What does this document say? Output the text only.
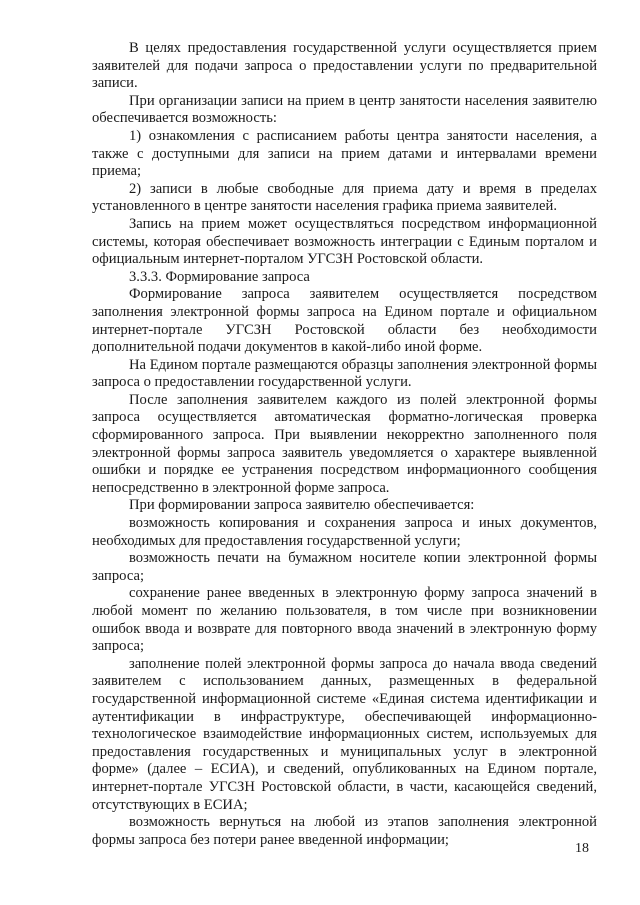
В целях предоставления государственной услуги осуществляется прием заявителей для подачи запроса о предоставлении услуги по предварительной записи.

При организации записи на прием в центр занятости населения заявителю обеспечивается возможность:

1) ознакомления с расписанием работы центра занятости населения, а также с доступными для записи на прием датами и интервалами времени приема;

2) записи в любые свободные для приема дату и время в пределах установленного в центре занятости населения графика приема заявителей.

Запись на прием может осуществляться посредством информационной системы, которая обеспечивает возможность интеграции с Единым порталом и официальным интернет-порталом УГСЗН Ростовской области.

3.3.3. Формирование запроса

Формирование запроса заявителем осуществляется посредством заполнения электронной формы запроса на Едином портале и официальном интернет-портале УГСЗН Ростовской области без необходимости дополнительной подачи документов в какой-либо иной форме.

На Едином портале размещаются образцы заполнения электронной формы запроса о предоставлении государственной услуги.

После заполнения заявителем каждого из полей электронной формы запроса осуществляется автоматическая форматно-логическая проверка сформированного запроса. При выявлении некорректно заполненного поля электронной формы запроса заявитель уведомляется о характере выявленной ошибки и порядке ее устранения посредством информационного сообщения непосредственно в электронной форме запроса.

При формировании запроса заявителю обеспечивается:

возможность копирования и сохранения запроса и иных документов, необходимых для предоставления государственной услуги;

возможность печати на бумажном носителе копии электронной формы запроса;

сохранение ранее введенных в электронную форму запроса значений в любой момент по желанию пользователя, в том числе при возникновении ошибок ввода и возврате для повторного ввода значений в электронную форму запроса;

заполнение полей электронной формы запроса до начала ввода сведений заявителем с использованием данных, размещенных в федеральной государственной информационной системе «Единая система идентификации и аутентификации в инфраструктуре, обеспечивающей информационно-технологическое взаимодействие информационных систем, используемых для предоставления государственных и муниципальных услуг в электронной форме» (далее – ЕСИА), и сведений, опубликованных на Едином портале, интернет-портале УГСЗН Ростовской области, в части, касающейся сведений, отсутствующих в ЕСИА;

возможность вернуться на любой из этапов заполнения электронной формы запроса без потери ранее введенной информации;

18
